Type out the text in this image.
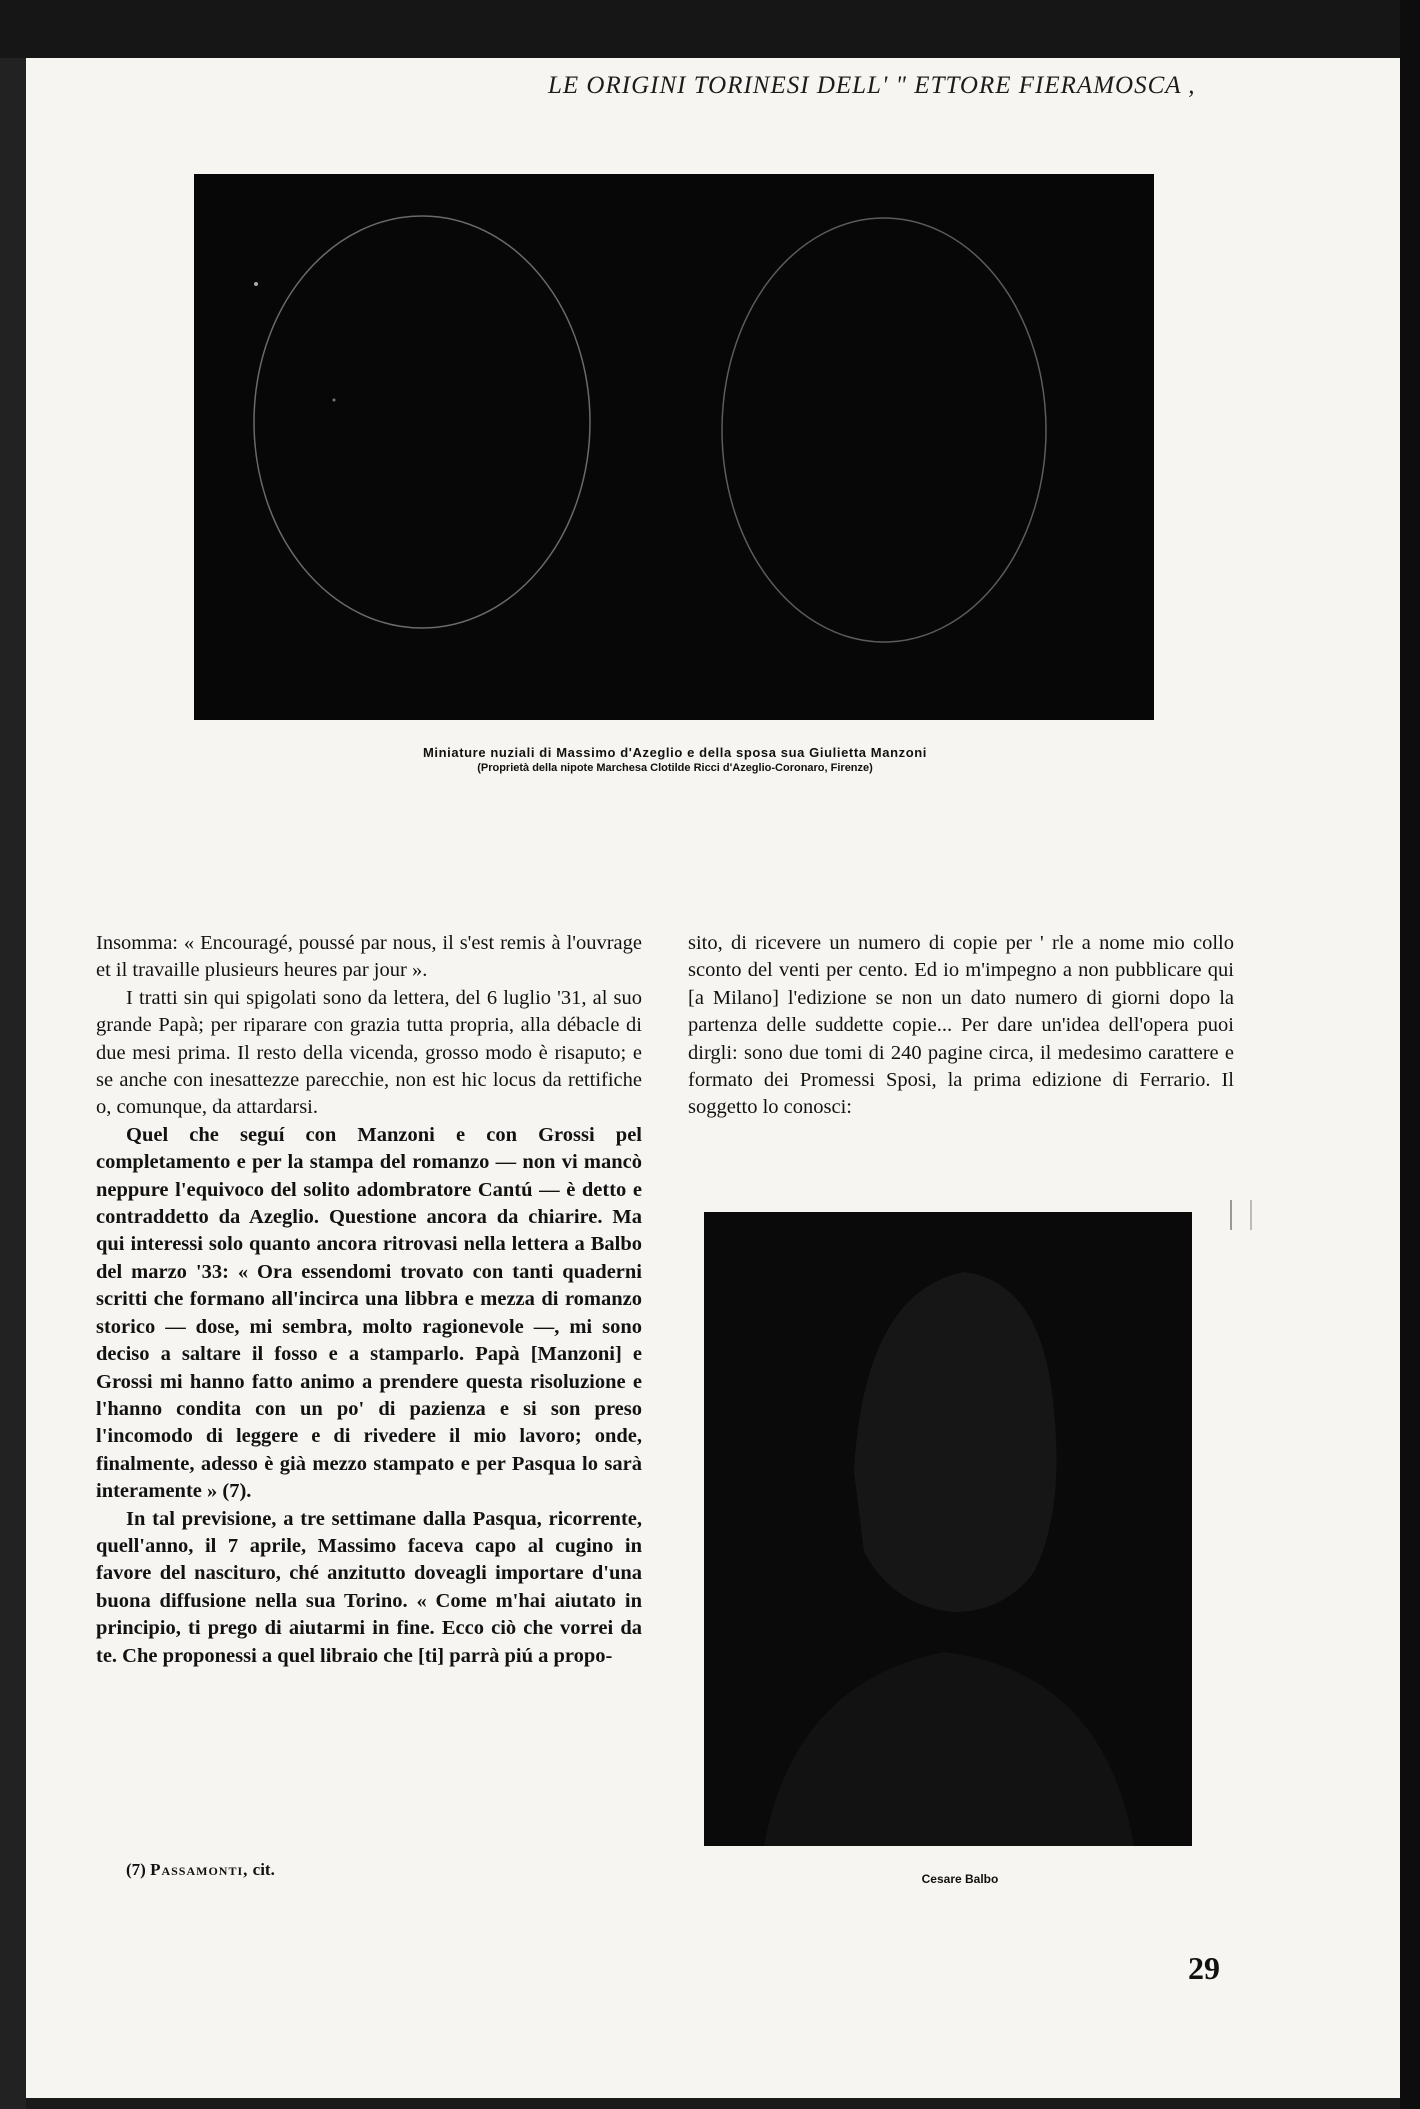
LE ORIGINI TORINESI DELL' " ETTORE FIERAMOSCA ,
Miniature nuziali di Massimo d'Azeglio e della sposa sua Giulietta Manzoni
(Proprietà della nipote Marchesa Clotilde Ricci d'Azeglio-Coronaro, Firenze)

Insomma: « Encouragé, poussé par nous, il s'est remis à l'ouvrage et il travaille plusieurs heures par jour ».

I tratti sin qui spigolati sono da lettera, del 6 luglio '31, al suo grande Papà; per riparare con grazia tutta propria, alla débacle di due mesi prima. Il resto della vicenda, grosso modo è risaputo; e se anche con inesattezze parecchie, non est hic locus da rettifiche o, comunque, da attardarsi.

Quel che seguí con Manzoni e con Grossi pel completamento e per la stampa del romanzo — non vi mancò neppure l'equivoco del solito adombratore Cantú — è detto e contraddetto da Azeglio. Questione ancora da chiarire. Ma qui interessi solo quanto ancora ritrovasi nella lettera a Balbo del marzo '33: « Ora essendomi trovato con tanti quaderni scritti che formano all'incirca una libbra e mezza di romanzo storico — dose, mi sembra, molto ragionevole —, mi sono deciso a saltare il fosso e a stamparlo. Papà [Manzoni] e Grossi mi hanno fatto animo a prendere questa risoluzione e l'hanno condita con un po' di pazienza e si son preso l'incomodo di leggere e di rivedere il mio lavoro; onde, finalmente, adesso è già mezzo stampato e per Pasqua lo sarà interamente » (7).

In tal previsione, a tre settimane dalla Pasqua, ricorrente, quell'anno, il 7 aprile, Massimo faceva capo al cugino in favore del nascituro, ché anzitutto doveagli importare d'una buona diffusione nella sua Torino. « Come m'hai aiutato in principio, ti prego di aiutarmi in fine. Ecco ciò che vorrei da te. Che proponessi a quel libraio che [ti] parrà piú a propo-

sito, di ricevere un numero di copie per ' rle a nome mio collo sconto del venti per cento. Ed io m'impegno a non pubblicare qui [a Milano] l'edizione se non un dato numero di giorni dopo la partenza delle suddette copie... Per dare un'idea dell'opera puoi dirgli: sono due tomi di 240 pagine circa, il medesimo carattere e formato dei Promessi Sposi, la prima edizione di Ferrario. Il soggetto lo conosci:

Cesare Balbo
(7) Passamonti, cit.
29
